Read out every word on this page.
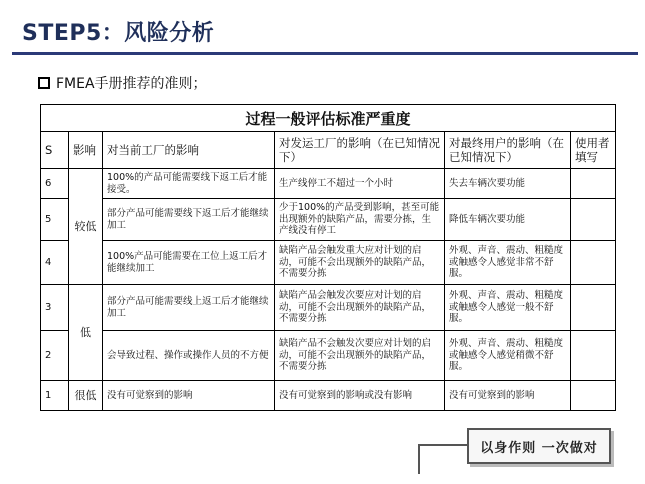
STEP5：风险分析
FMEA手册推荐的准则；
过程一般评估标准严重度					
S	影响	对当前工厂的影响	对发运工厂的影响（在已知情况下）	对最终用户的影响（在已知情况下）	使用者填写
6	较低	100%的产品可能需要线下返工后才能接受。	生产线停工不超过一个小时	失去车辆次要功能	
5		部分产品可能需要线下返工后才能继续加工	少于100%的产品受到影响，甚至可能出现额外的缺陷产品，需要分拣，生产线没有停工	降低车辆次要功能	
4		100%产品可能需要在工位上返工后才能继续加工	缺陷产品会触发重大应对计划的启动，可能不会出现额外的缺陷产品，不需要分拣	外观、声音、震动、粗糙度或触感令人感觉非常不舒服。	
3	低	部分产品可能需要线上返工后才能继续加工	缺陷产品会触发次要应对计划的启动，可能不会出现额外的缺陷产品，不需要分拣	外观、声音、震动、粗糙度或触感令人感觉一般不舒服。	
2		会导致过程、操作或操作人员的不方便	缺陷产品不会触发次要应对计划的启动，可能不会出现额外的缺陷产品，不需要分拣	外观、声音、震动、粗糙度或触感令人感觉稍微不舒服。	
1	很低	没有可觉察到的影响	没有可觉察到的影响或没有影响	没有可觉察到的影响	
以身作则 一次做对
